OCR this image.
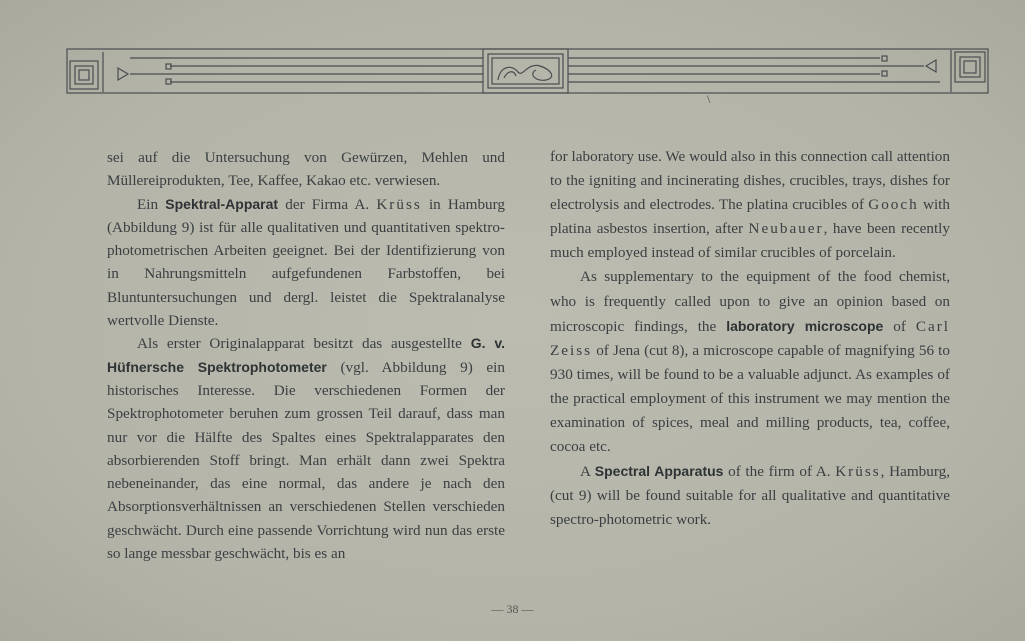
\

sei auf die Untersuchung von Gewürzen, Mehlen und Müllereiprodukten, Tee, Kaffee, Kakao etc. verwiesen.

Ein Spektral-Apparat der Firma A. Krüss in Hamburg (Abbildung 9) ist für alle qualitativen und quantitativen spektro-photometrischen Arbeiten geeignet. Bei der Identifizierung von in Nahrungsmitteln aufgefundenen Farbstoffen, bei Bluntuntersuchungen und dergl. leistet die Spektralanalyse wertvolle Dienste.

Als erster Originalapparat besitzt das ausgestellte G. v. Hüfnersche Spektrophotometer (vgl. Abbildung 9) ein historisches Interesse. Die verschiedenen Formen der Spektrophotometer beruhen zum grossen Teil darauf, dass man nur vor die Hälfte des Spaltes eines Spektralapparates den absorbierenden Stoff bringt. Man erhält dann zwei Spektra nebeneinander, das eine normal, das andere je nach den Absorptionsverhältnissen an verschiedenen Stellen verschieden geschwächt. Durch eine passende Vorrichtung wird nun das erste so lange messbar geschwächt, bis es an

for laboratory use. We would also in this connection call attention to the igniting and incinerating dishes, crucibles, trays, dishes for electrolysis and electrodes. The platina crucibles of Gooch with platina asbestos insertion, after Neubauer, have been recently much employed instead of similar crucibles of porcelain.

As supplementary to the equipment of the food chemist, who is frequently called upon to give an opinion based on microscopic findings, the laboratory microscope of Carl Zeiss of Jena (cut 8), a microscope capable of magnifying 56 to 930 times, will be found to be a valuable adjunct. As examples of the practical employment of this instrument we may mention the examination of spices, meal and milling products, tea, coffee, cocoa etc.

A Spectral Apparatus of the firm of A. Krüss, Hamburg, (cut 9) will be found suitable for all qualitative and quantitative spectro-photometric work.

— 38 —
